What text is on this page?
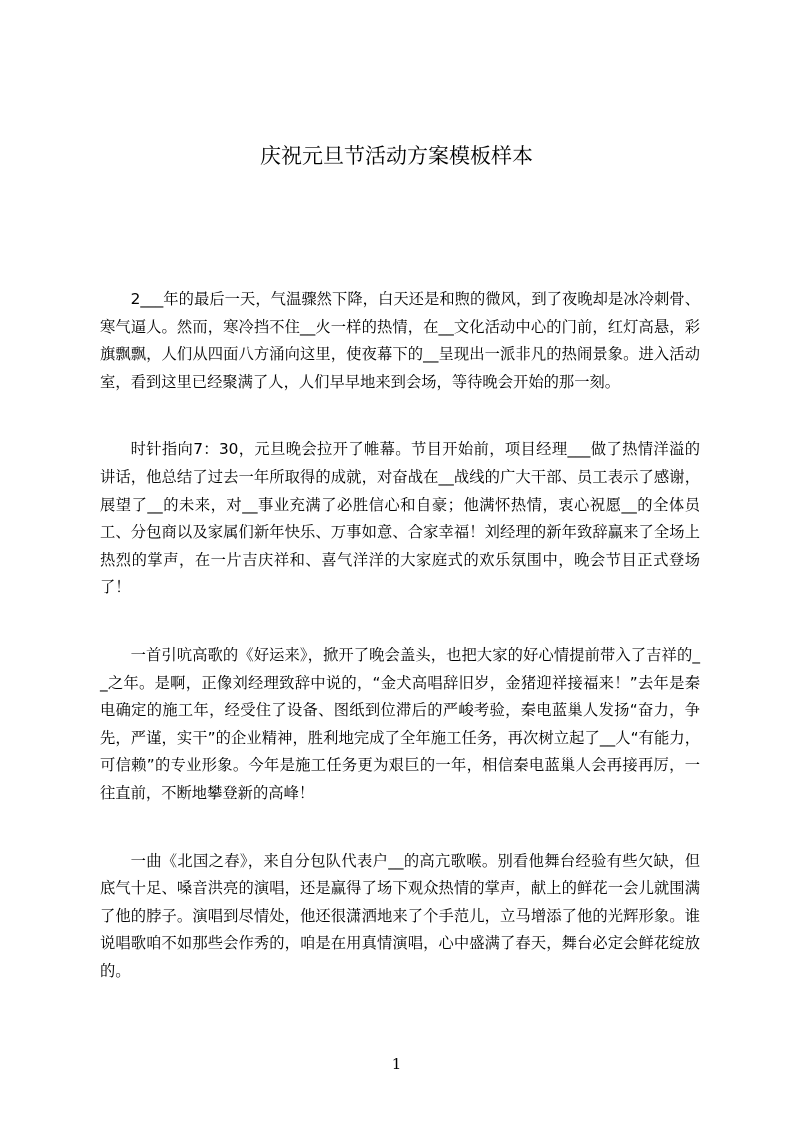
庆祝元旦节活动方案模板样本

2___年的最后一天，气温骤然下降，白天还是和煦的微风，到了夜晚却是冰冷刺骨、寒气逼人。然而，寒冷挡不住__火一样的热情，在__文化活动中心的门前，红灯高悬，彩旗飘飘，人们从四面八方涌向这里，使夜幕下的__呈现出一派非凡的热闹景象。进入活动室，看到这里已经聚满了人，人们早早地来到会场，等待晚会开始的那一刻。

时针指向7：30，元旦晚会拉开了帷幕。节目开始前，项目经理___做了热情洋溢的讲话，他总结了过去一年所取得的成就，对奋战在__战线的广大干部、员工表示了感谢，展望了__的未来，对__事业充满了必胜信心和自豪；他满怀热情，衷心祝愿__的全体员工、分包商以及家属们新年快乐、万事如意、合家幸福！刘经理的新年致辞赢来了全场上热烈的掌声，在一片吉庆祥和、喜气洋洋的大家庭式的欢乐氛围中，晚会节目正式登场了！

一首引吭高歌的《好运来》，掀开了晚会盖头，也把大家的好心情提前带入了吉祥的__之年。是啊，正像刘经理致辞中说的，“金犬高唱辞旧岁，金猪迎祥接福来！”去年是秦电确定的施工年，经受住了设备、图纸到位滞后的严峻考验，秦电蓝巢人发扬“奋力，争先，严谨，实干”的企业精神，胜利地完成了全年施工任务，再次树立起了__人“有能力，可信赖”的专业形象。今年是施工任务更为艰巨的一年，相信秦电蓝巢人会再接再厉，一往直前，不断地攀登新的高峰！

一曲《北国之春》，来自分包队代表户__的高亢歌喉。别看他舞台经验有些欠缺，但底气十足、嗓音洪亮的演唱，还是赢得了场下观众热情的掌声，献上的鲜花一会儿就围满了他的脖子。演唱到尽情处，他还很潇洒地来了个手范儿，立马增添了他的光辉形象。谁说唱歌咱不如那些会作秀的，咱是在用真情演唱，心中盛满了春天，舞台必定会鲜花绽放的。

1
